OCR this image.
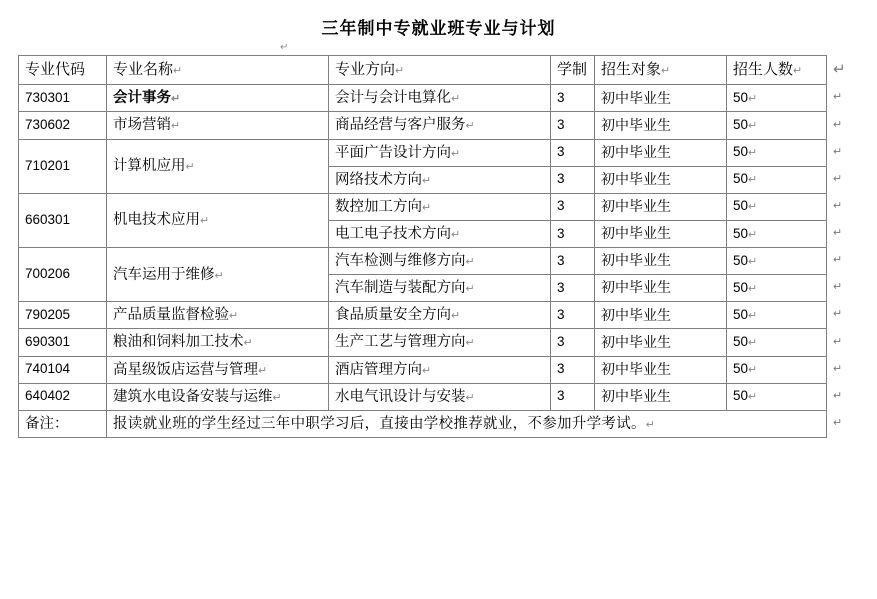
三年制中专就业班专业与计划
↵
专业代码	专业名称↵	专业方向↵	学制	招生对象↵	招生人数↵	↵
730301	会计事务↵	会计与会计电算化↵	3	初中毕业生	50↵	↵
730602	市场营销↵	商品经营与客户服务↵	3	初中毕业生	50↵	↵
710201	计算机应用↵	平面广告设计方向↵	3	初中毕业生	50↵	↵
		网络技术方向↵	3	初中毕业生	50↵	↵
660301	机电技术应用↵	数控加工方向↵	3	初中毕业生	50↵	↵
		电工电子技术方向↵	3	初中毕业生	50↵	↵
700206	汽车运用于维修↵	汽车检测与维修方向↵	3	初中毕业生	50↵	↵
		汽车制造与装配方向↵	3	初中毕业生	50↵	↵
790205	产品质量监督检验↵	食品质量安全方向↵	3	初中毕业生	50↵	↵
690301	粮油和饲料加工技术↵	生产工艺与管理方向↵	3	初中毕业生	50↵	↵
740104	高星级饭店运营与管理↵	酒店管理方向↵	3	初中毕业生	50↵	↵
640402	建筑水电设备安装与运维↵	水电气讯设计与安装↵	3	初中毕业生	50↵	↵
备注：	报读就业班的学生经过三年中职学习后，直接由学校推荐就业，不参加升学考试。↵					↵
